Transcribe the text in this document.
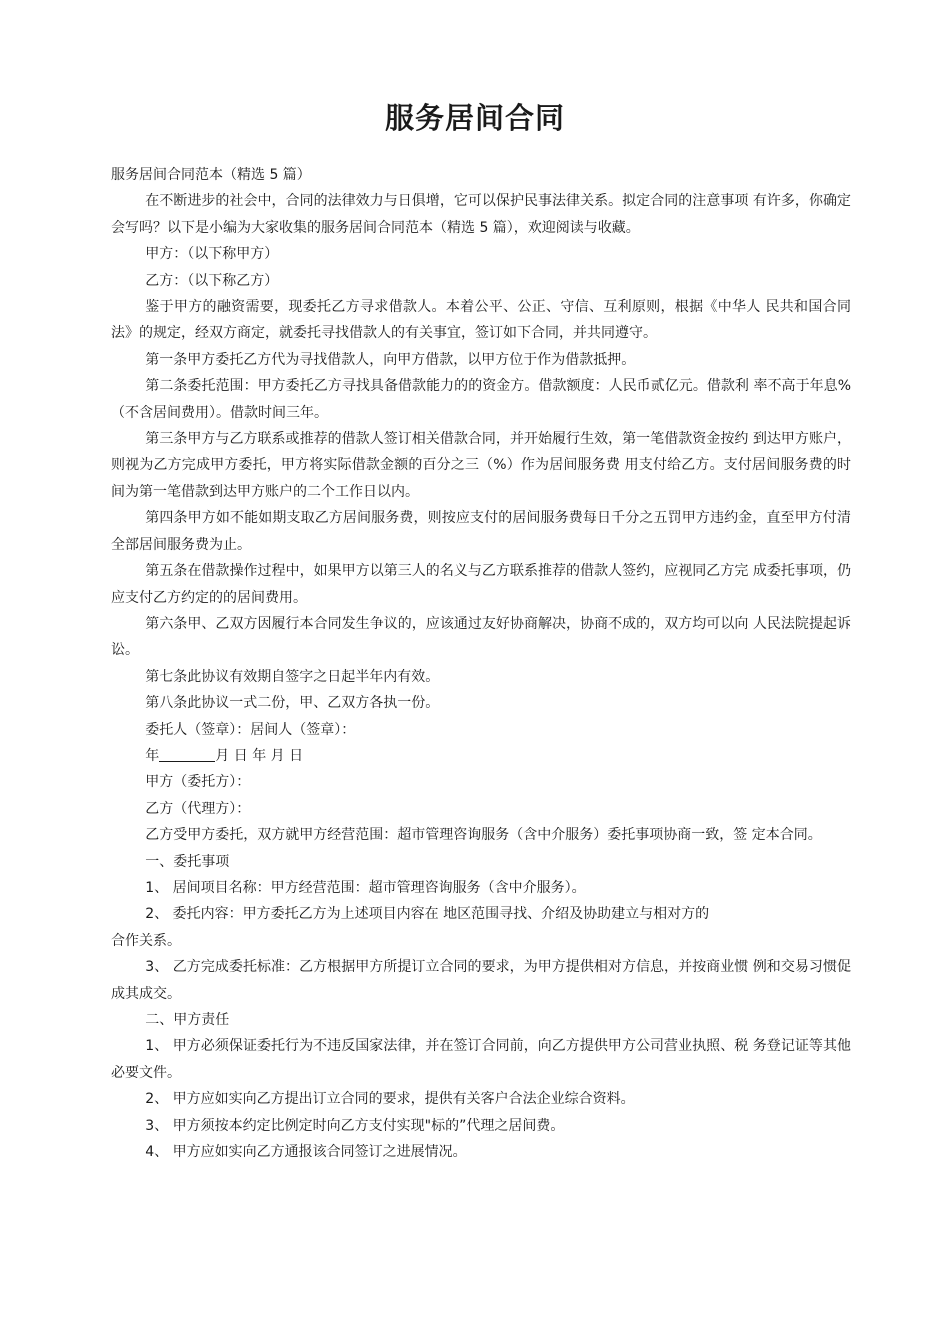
服务居间合同

服务居间合同范本（精选 5 篇）

在不断进步的社会中，合同的法律效力与日俱增，它可以保护民事法律关系。拟定合同的注意事项 有许多，你确定会写吗？以下是小编为大家收集的服务居间合同范本（精选 5 篇），欢迎阅读与收藏。

甲方：（以下称甲方）

乙方：（以下称乙方）

鉴于甲方的融资需要，现委托乙方寻求借款人。本着公平、公正、守信、互利原则，根据《中华人 民共和国合同法》的规定，经双方商定，就委托寻找借款人的有关事宜，签订如下合同，并共同遵守。

第一条甲方委托乙方代为寻找借款人，向甲方借款，以甲方位于作为借款抵押。

第二条委托范围：甲方委托乙方寻找具备借款能力的的资金方。借款额度：人民币贰亿元。借款利 率不高于年息%（不含居间费用）。借款时间三年。

第三条甲方与乙方联系或推荐的借款人签订相关借款合同，并开始履行生效，第一笔借款资金按约 到达甲方账户，则视为乙方完成甲方委托，甲方将实际借款金额的百分之三（%）作为居间服务费 用支付给乙方。支付居间服务费的时间为第一笔借款到达甲方账户的二个工作日以内。

第四条甲方如不能如期支取乙方居间服务费，则按应支付的居间服务费每日千分之五罚甲方违约金，直至甲方付清全部居间服务费为止。

第五条在借款操作过程中，如果甲方以第三人的名义与乙方联系推荐的借款人签约，应视同乙方完 成委托事项，仍应支付乙方约定的的居间费用。

第六条甲、乙双方因履行本合同发生争议的，应该通过友好协商解决，协商不成的，双方均可以向 人民法院提起诉讼。

第七条此协议有效期自签字之日起半年内有效。

第八条此协议一式二份，甲、乙双方各执一份。

委托人（签章）：居间人（签章）：

年	月 日 年 月 日

甲方（委托方）：

乙方（代理方）：

乙方受甲方委托，双方就甲方经营范围：超市管理咨询服务（含中介服务）委托事项协商一致，签 定本合同。

一、委托事项

1、 居间项目名称：甲方经营范围：超市管理咨询服务（含中介服务）。

2、 委托内容：甲方委托乙方为上述项目内容在 地区范围寻找、介绍及协助建立与相对方的

合作关系。

3、 乙方完成委托标准：乙方根据甲方所提订立合同的要求，为甲方提供相对方信息，并按商业惯 例和交易习惯促成其成交。

二、甲方责任

1、 甲方必须保证委托行为不违反国家法律，并在签订合同前，向乙方提供甲方公司营业执照、税 务登记证等其他必要文件。

2、 甲方应如实向乙方提出订立合同的要求，提供有关客户合法企业综合资料。

3、 甲方须按本约定比例定时向乙方支付实现"标的”代理之居间费。

4、 甲方应如实向乙方通报该合同签订之进展情况。
